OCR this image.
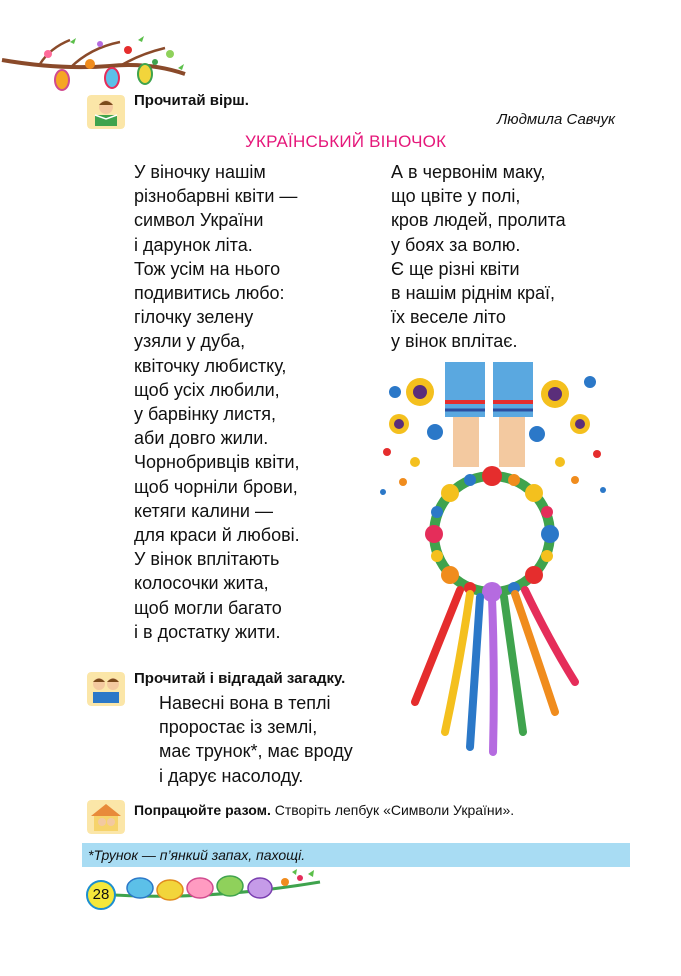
Прочитай вірш.
Людмила Савчук
УКРАЇНСЬКИЙ ВІНОЧОК
У віночку нашім
різнобарвні квіти —
символ України
і дарунок літа.
Тож усім на нього
подивитись любо:
гілочку зелену
узяли у дуба,
квіточку любистку,
щоб усіх любили,
у барвінку листя,
аби довго жили.
Чорнобривців квіти,
щоб чорніли брови,
кетяги калини —
для краси й любові.
У вінок вплітають
колосочки жита,
щоб могли багато
і в достатку жити.
А в червонім маку,
що цвіте у полі,
кров людей, пролита
у боях за волю.
Є ще різні квіти
в нашім ріднім краї,
їх веселе літо
у вінок вплітає.
Прочитай і відгадай загадку.
Навесні вона в теплі
проростає із землі,
має трунок*, має вроду
і дарує насолоду.
Попрацюйте разом. Створіть лепбук «Символи України».
*Трунок — п’янкий запах, пахощі.
28
